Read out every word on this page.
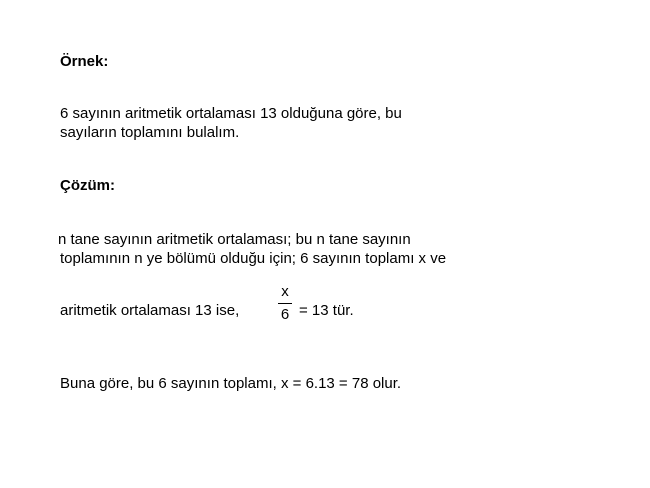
Örnek:
6 sayının aritmetik ortalaması 13 olduğuna göre, bu
sayıların toplamını bulalım.
Çözüm:
n tane sayının aritmetik ortalaması; bu n tane sayının
toplamının n ye bölümü olduğu için; 6 sayının toplamı x ve
aritmetik ortalaması 13 ise,
x
6 = 13 tür.
Buna göre, bu 6 sayının toplamı, x = 6.13 = 78 olur.
